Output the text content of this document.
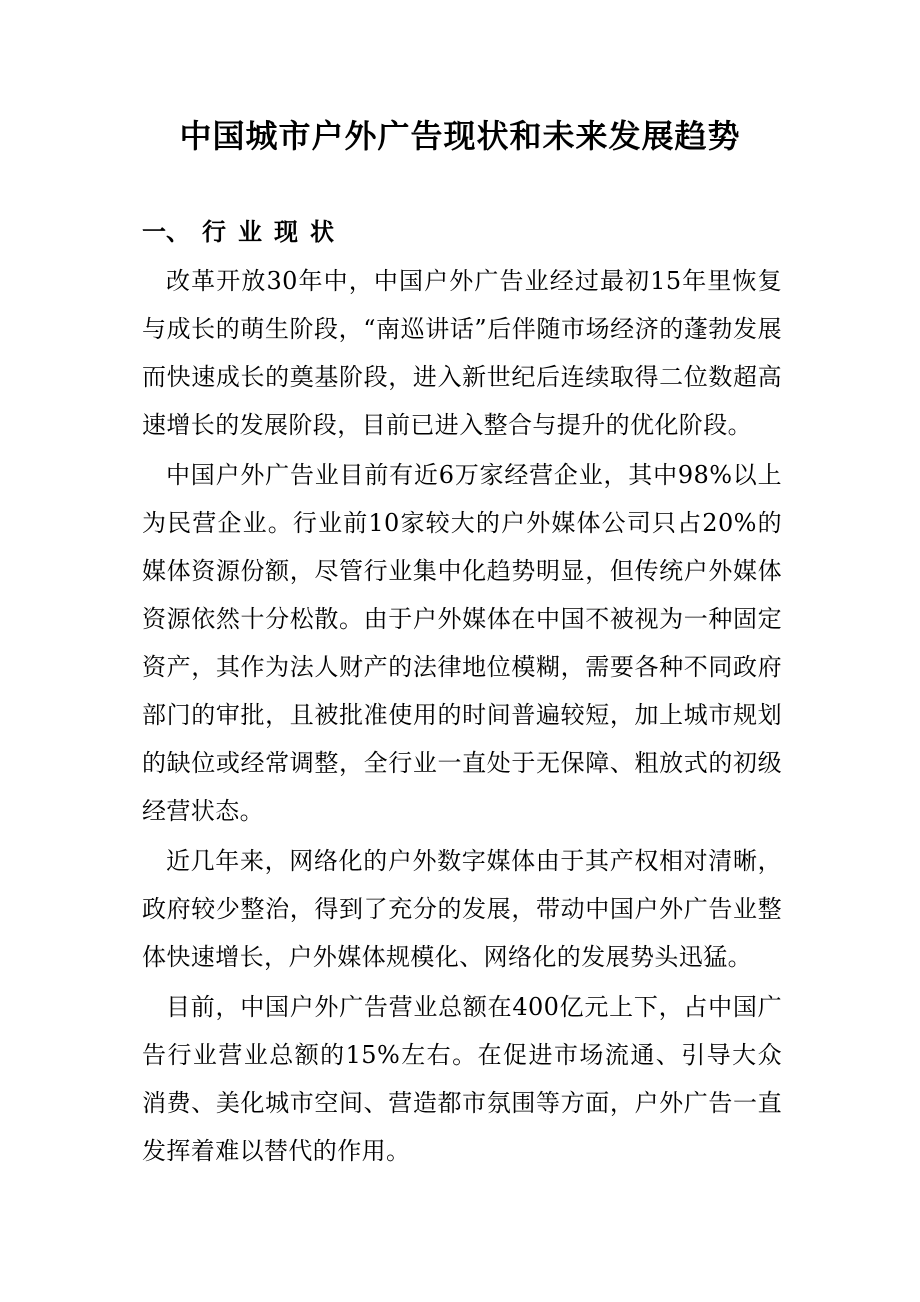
中国城市户外广告现状和未来发展趋势
一、 行业现状

改革开放30年中，中国户外广告业经过最初15年里恢复与成长的萌生阶段，“南巡讲话”后伴随市场经济的蓬勃发展而快速成长的奠基阶段，进入新世纪后连续取得二位数超高速增长的发展阶段，目前已进入整合与提升的优化阶段。

中国户外广告业目前有近6万家经营企业，其中98%以上为民营企业。行业前10家较大的户外媒体公司只占20%的媒体资源份额，尽管行业集中化趋势明显，但传统户外媒体资源依然十分松散。由于户外媒体在中国不被视为一种固定资产，其作为法人财产的法律地位模糊，需要各种不同政府部门的审批，且被批准使用的时间普遍较短，加上城市规划的缺位或经常调整，全行业一直处于无保障、粗放式的初级经营状态。

近几年来，网络化的户外数字媒体由于其产权相对清晰，政府较少整治，得到了充分的发展，带动中国户外广告业整体快速增长，户外媒体规模化、网络化的发展势头迅猛。

目前，中国户外广告营业总额在400亿元上下，占中国广告行业营业总额的15%左右。在促进市场流通、引导大众消费、美化城市空间、营造都市氛围等方面，户外广告一直发挥着难以替代的作用。
